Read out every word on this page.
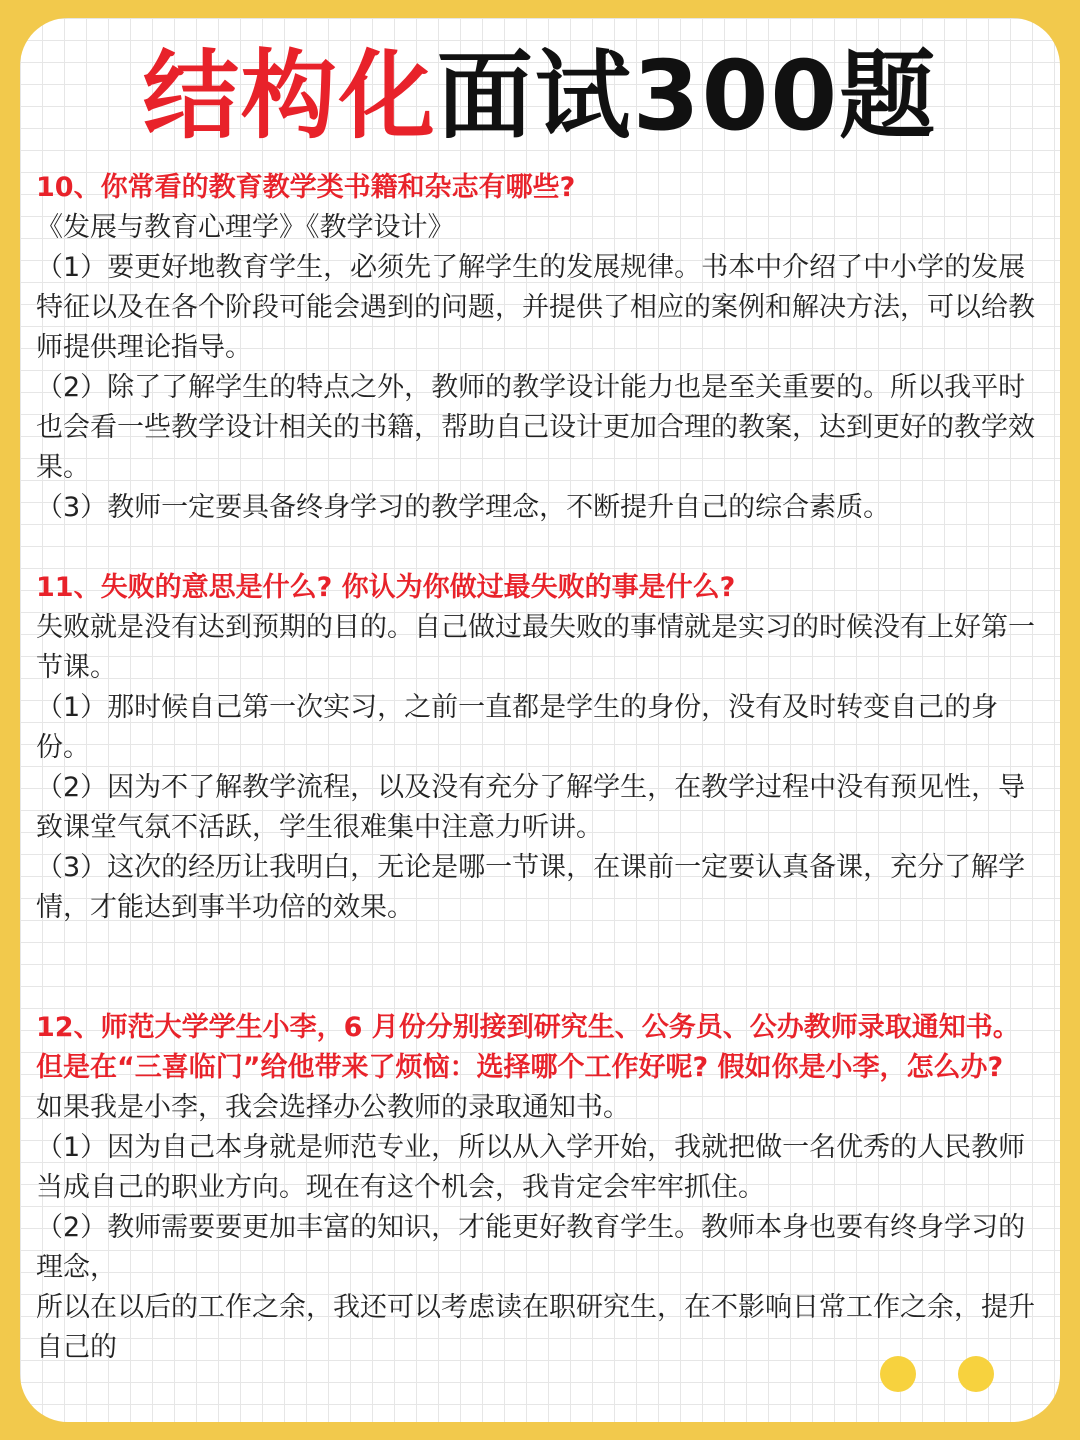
结构化面试300题

10、你常看的教育教学类书籍和杂志有哪些?

《发展与教育心理学》《教学设计》

（1）要更好地教育学生，必须先了解学生的发展规律。书本中介绍了中小学的发展特征以及在各个阶段可能会遇到的问题，并提供了相应的案例和解决方法，可以给教师提供理论指导。

（2）除了了解学生的特点之外，教师的教学设计能力也是至关重要的。所以我平时也会看一些教学设计相关的书籍，帮助自己设计更加合理的教案，达到更好的教学效果。

（3）教师一定要具备终身学习的教学理念，不断提升自己的综合素质。

11、失败的意思是什么? 你认为你做过最失败的事是什么?

失败就是没有达到预期的目的。自己做过最失败的事情就是实习的时候没有上好第一节课。

（1）那时候自己第一次实习，之前一直都是学生的身份，没有及时转变自己的身份。

（2）因为不了解教学流程，以及没有充分了解学生，在教学过程中没有预见性，导致课堂气氛不活跃，学生很难集中注意力听讲。

（3）这次的经历让我明白，无论是哪一节课，在课前一定要认真备课，充分了解学情，才能达到事半功倍的效果。

12、师范大学学生小李，6 月份分别接到研究生、公务员、公办教师录取通知书。但是在“三喜临门”给他带来了烦恼：选择哪个工作好呢? 假如你是小李，怎么办?

如果我是小李，我会选择办公教师的录取通知书。

（1）因为自己本身就是师范专业，所以从入学开始，我就把做一名优秀的人民教师当成自己的职业方向。现在有这个机会，我肯定会牢牢抓住。

（2）教师需要要更加丰富的知识，才能更好教育学生。教师本身也要有终身学习的理念，

所以在以后的工作之余，我还可以考虑读在职研究生，在不影响日常工作之余，提升自己的
